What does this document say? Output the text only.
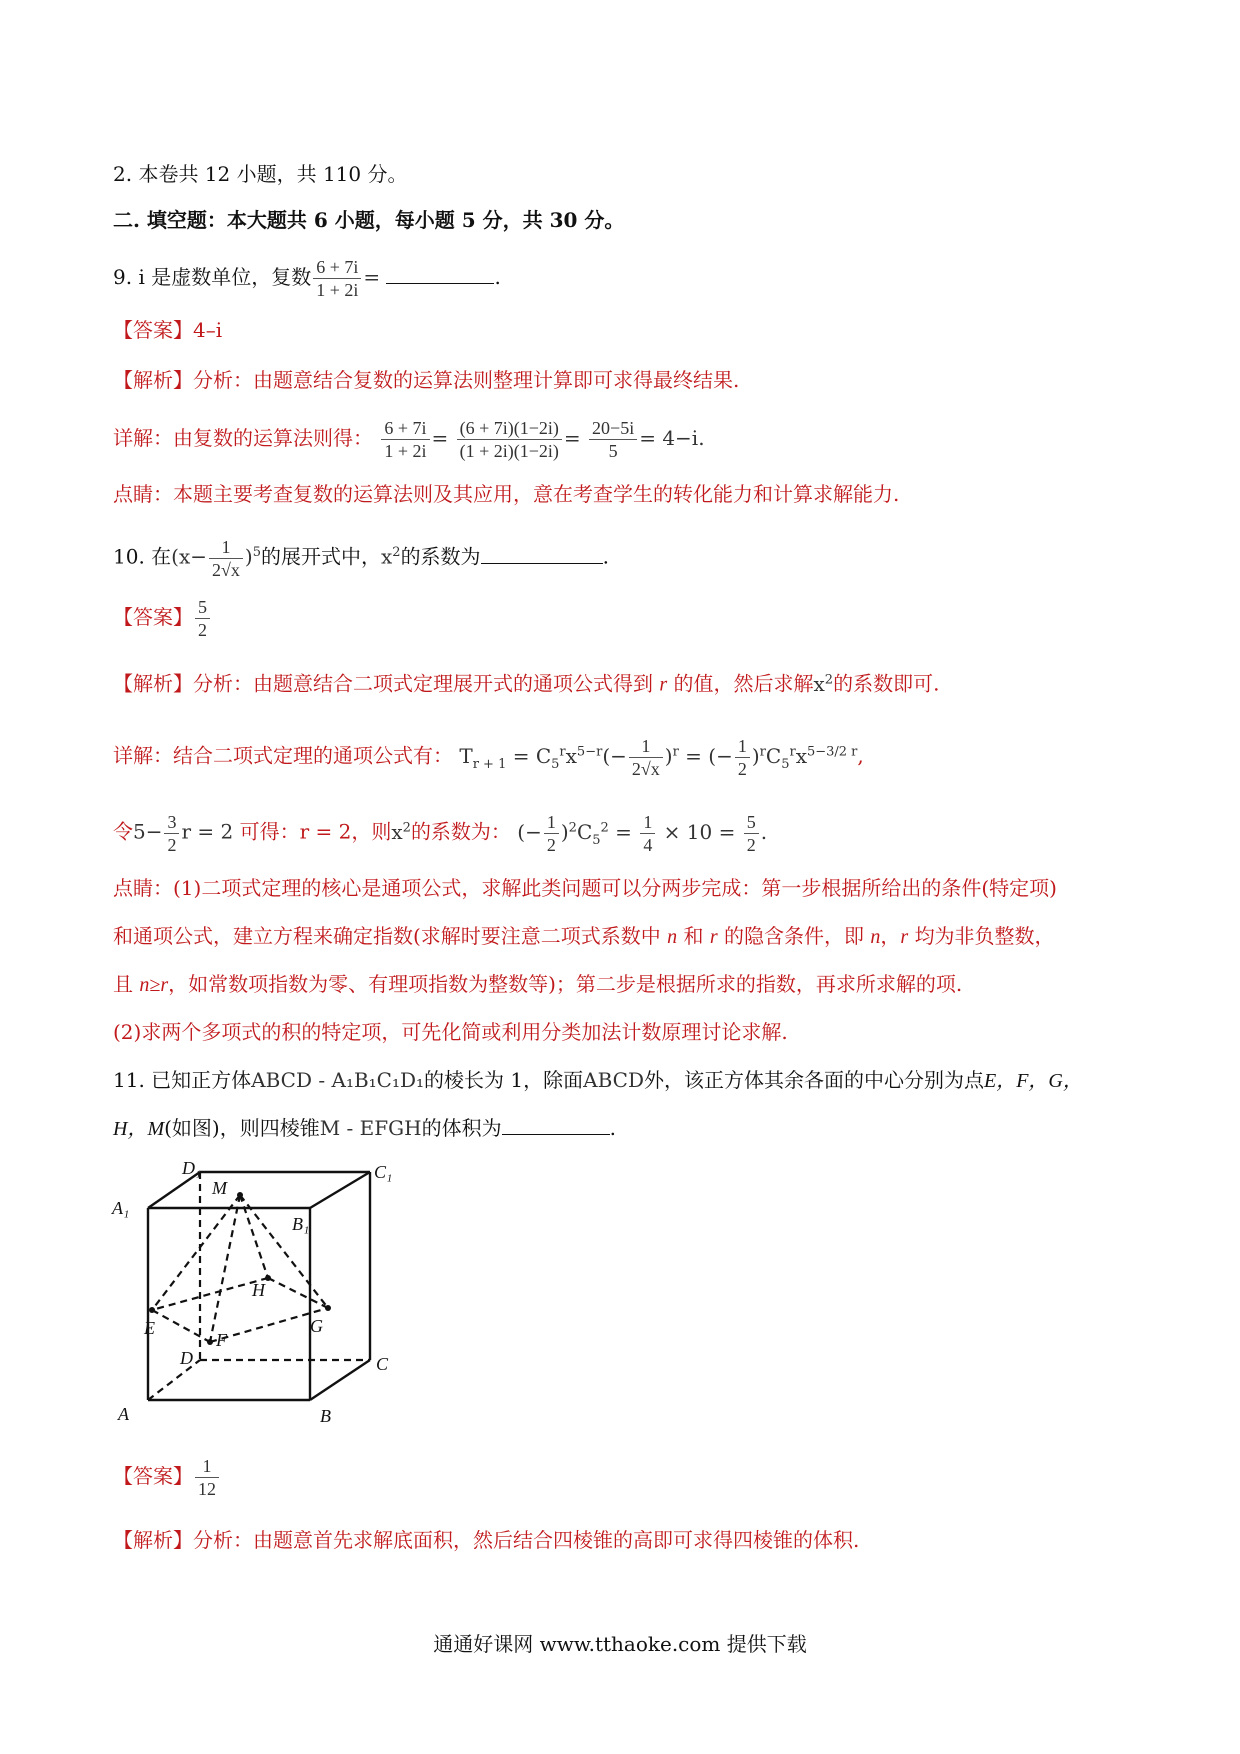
2. 本卷共 12 小题，共 110 分。
二. 填空题：本大题共 6 小题，每小题 5 分，共 30 分。
9. i 是虚数单位，复数 $\frac{6 + 7i}{1 + 2i}$ =	.
【答案】4–i
【解析】分析：由题意结合复数的运算法则整理计算即可求得最终结果.
详解：由复数的运算法则得： $\frac{6 + 7i}{1 + 2i} = \frac{(6 + 7i)(1-2i)}{(1 + 2i)(1-2i)} = \frac{20-5i}{5} = 4-i$.
点睛：本题主要考查复数的运算法则及其应用，意在考查学生的转化能力和计算求解能力.
10. 在$(x- \frac{1}{2√x} )^5$的展开式中，$x^2$的系数为	.
【答案】 $\frac{5}{2}$
【解析】分析：由题意结合二项式定理展开式的通项公式得到 r 的值，然后求解$x^2$的系数即可.
详解：结合二项式定理的通项公式有： $T_{r + 1} = C_5^rx^{5-r}(- \frac{1}{2√x} )^r$ = (− $\frac{1}{2} )^rC_5^rx^{5-3/2 r}$,
令$5- \frac{3}{2}$ r = 2 可得：r = 2，则$x^2$的系数为： (− $\frac{1}{2} )^2C_5^2 = \frac{1}{4} \times 10 = \frac{5}{2}$ .
点睛：(1)二项式定理的核心是通项公式，求解此类问题可以分两步完成：第一步根据所给出的条件(特定项)
和通项公式，建立方程来确定指数(求解时要注意二项式系数中 n 和 r 的隐含条件，即 n，r 均为非负整数，
且 n≥r，如常数项指数为零、有理项指数为整数等)；第二步是根据所求的指数，再求所求解的项.
(2)求两个多项式的积的特定项，可先化简或利用分类加法计数原理讨论求解.
11. 已知正方体ABCD - A₁B₁C₁D₁的棱长为 1，除面ABCD外，该正方体其余各面的中心分别为点E，F，G，
H，M(如图)，则四棱锥M - EFGH的体积为	.
D₁	C₁
A₁
B₁
M
H
E	G
F
D	C
A	B
【答案】 $\frac{1}{12}$
【解析】分析：由题意首先求解底面积，然后结合四棱锥的高即可求得四棱锥的体积.
通通好课网 www.tthaoke.com 提供下载
